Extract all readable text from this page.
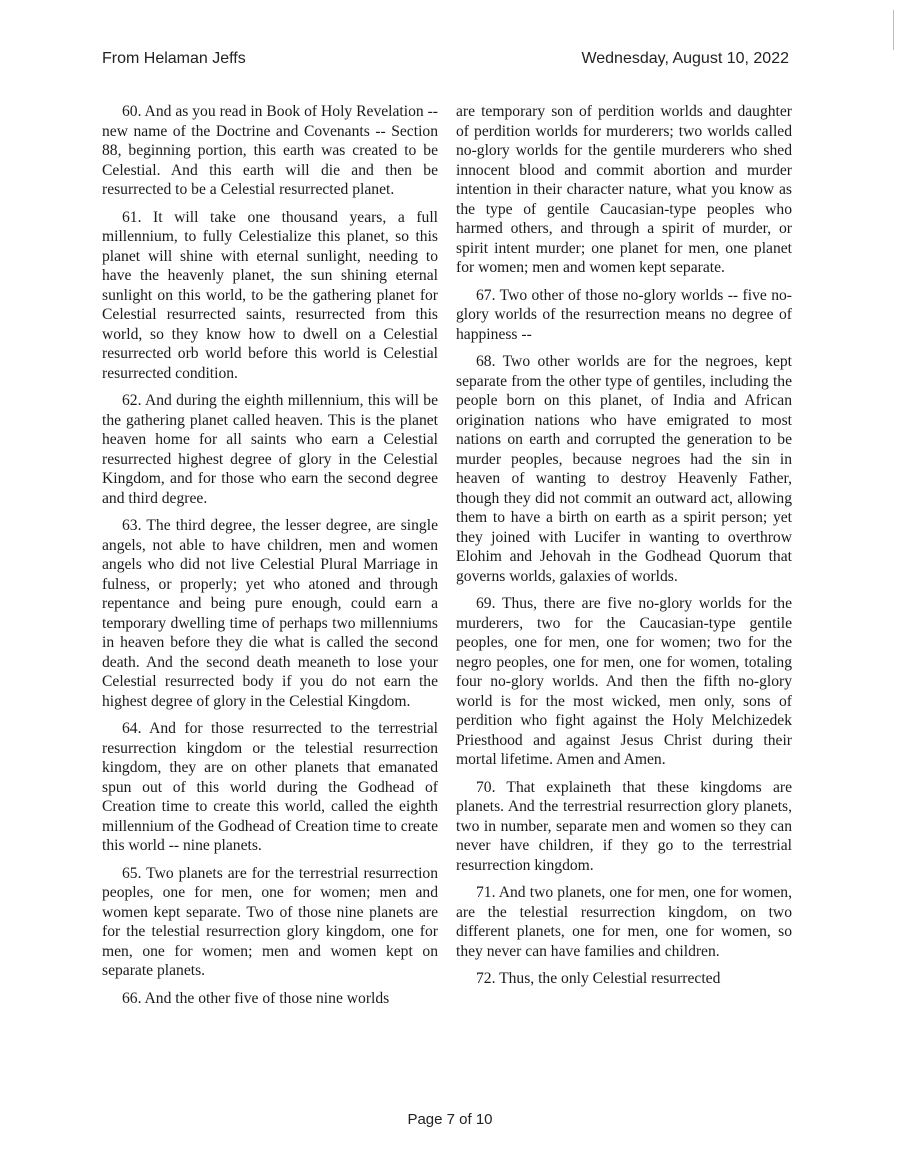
From Helaman Jeffs	Wednesday, August 10, 2022

60. And as you read in Book of Holy Revelation -- new name of the Doctrine and Covenants -- Section 88, beginning portion, this earth was created to be Celestial. And this earth will die and then be resurrected to be a Celestial resurrected planet.

61. It will take one thousand years, a full millennium, to fully Celestialize this planet, so this planet will shine with eternal sunlight, needing to have the heavenly planet, the sun shining eternal sunlight on this world, to be the gathering planet for Celestial resurrected saints, resurrected from this world, so they know how to dwell on a Celestial resurrected orb world before this world is Celestial resurrected condition.

62. And during the eighth millennium, this will be the gathering planet called heaven. This is the planet heaven home for all saints who earn a Celestial resurrected highest degree of glory in the Celestial Kingdom, and for those who earn the second degree and third degree.

63. The third degree, the lesser degree, are single angels, not able to have children, men and women angels who did not live Celestial Plural Marriage in fulness, or properly; yet who atoned and through repentance and being pure enough, could earn a temporary dwelling time of perhaps two millenniums in heaven before they die what is called the second death. And the second death meaneth to lose your Celestial resurrected body if you do not earn the highest degree of glory in the Celestial Kingdom.

64. And for those resurrected to the terrestrial resurrection kingdom or the telestial resurrection kingdom, they are on other planets that emanated spun out of this world during the Godhead of Creation time to create this world, called the eighth millennium of the Godhead of Creation time to create this world -- nine planets.

65. Two planets are for the terrestrial resurrection peoples, one for men, one for women; men and women kept separate. Two of those nine planets are for the telestial resurrection glory kingdom, one for men, one for women; men and women kept on separate planets.

66. And the other five of those nine worlds

are temporary son of perdition worlds and daughter of perdition worlds for murderers; two worlds called no-glory worlds for the gentile murderers who shed innocent blood and commit abortion and murder intention in their character nature, what you know as the type of gentile Caucasian-type peoples who harmed others, and through a spirit of murder, or spirit intent murder; one planet for men, one planet for women; men and women kept separate.

67. Two other of those no-glory worlds -- five no-glory worlds of the resurrection means no degree of happiness --

68. Two other worlds are for the negroes, kept separate from the other type of gentiles, including the people born on this planet, of India and African origination nations who have emigrated to most nations on earth and corrupted the generation to be murder peoples, because negroes had the sin in heaven of wanting to destroy Heavenly Father, though they did not commit an outward act, allowing them to have a birth on earth as a spirit person; yet they joined with Lucifer in wanting to overthrow Elohim and Jehovah in the Godhead Quorum that governs worlds, galaxies of worlds.

69. Thus, there are five no-glory worlds for the murderers, two for the Caucasian-type gentile peoples, one for men, one for women; two for the negro peoples, one for men, one for women, totaling four no-glory worlds. And then the fifth no-glory world is for the most wicked, men only, sons of perdition who fight against the Holy Melchizedek Priesthood and against Jesus Christ during their mortal lifetime. Amen and Amen.

70. That explaineth that these kingdoms are planets. And the terrestrial resurrection glory planets, two in number, separate men and women so they can never have children, if they go to the terrestrial resurrection kingdom.

71. And two planets, one for men, one for women, are the telestial resurrection kingdom, on two different planets, one for men, one for women, so they never can have families and children.

72. Thus, the only Celestial resurrected

Page 7 of 10
